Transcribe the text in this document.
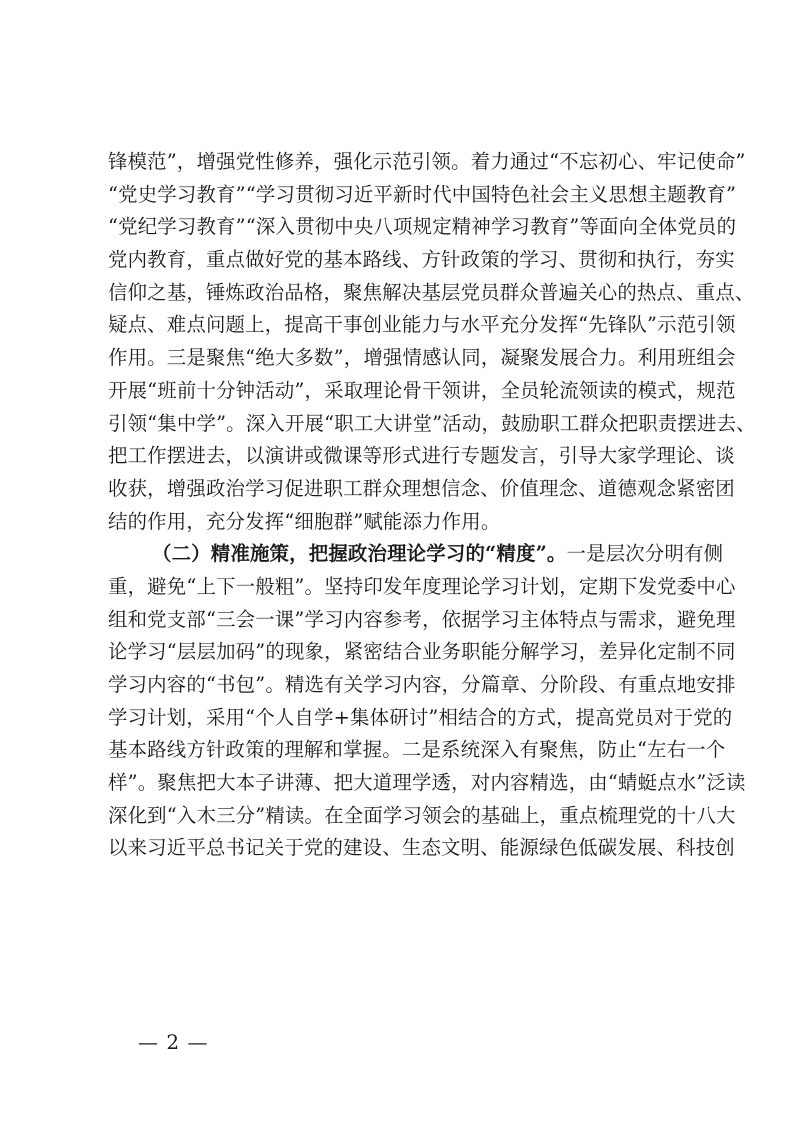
锋模范”，增强党性修养，强化示范引领。着力通过“不忘初心、牢记使命”
“党史学习教育”“学习贯彻习近平新时代中国特色社会主义思想主题教育”
“党纪学习教育”“深入贯彻中央八项规定精神学习教育”等面向全体党员的
党内教育，重点做好党的基本路线、方针政策的学习、贯彻和执行，夯实
信仰之基，锤炼政治品格，聚焦解决基层党员群众普遍关心的热点、重点、
疑点、难点问题上，提高干事创业能力与水平充分发挥“先锋队”示范引领
作用。三是聚焦“绝大多数”，增强情感认同，凝聚发展合力。利用班组会
开展“班前十分钟活动”，采取理论骨干领讲，全员轮流领读的模式，规范
引领“集中学”。深入开展“职工大讲堂”活动，鼓励职工群众把职责摆进去、
把工作摆进去，以演讲或微课等形式进行专题发言，引导大家学理论、谈
收获，增强政治学习促进职工群众理想信念、价值理念、道德观念紧密团
结的作用，充分发挥“细胞群”赋能添力作用。
（二）精准施策，把握政治理论学习的“精度”。一是层次分明有侧
重，避免“上下一般粗”。坚持印发年度理论学习计划，定期下发党委中心
组和党支部“三会一课”学习内容参考，依据学习主体特点与需求，避免理
论学习“层层加码”的现象，紧密结合业务职能分解学习，差异化定制不同
学习内容的“书包”。精选有关学习内容，分篇章、分阶段、有重点地安排
学习计划，采用“个人自学+集体研讨”相结合的方式，提高党员对于党的
基本路线方针政策的理解和掌握。二是系统深入有聚焦，防止“左右一个
样”。聚焦把大本子讲薄、把大道理学透，对内容精选，由“蜻蜓点水”泛读
深化到“入木三分”精读。在全面学习领会的基础上，重点梳理党的十八大
以来习近平总书记关于党的建设、生态文明、能源绿色低碳发展、科技创
— 2 —
